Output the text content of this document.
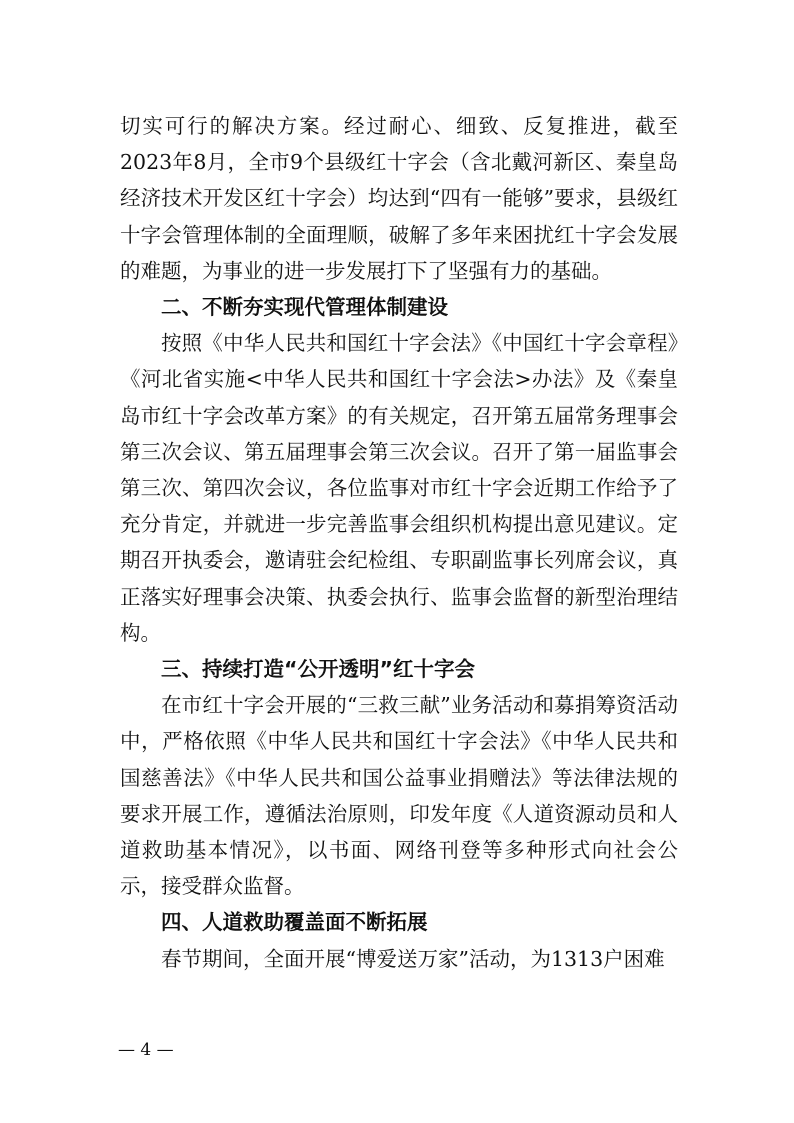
切实可行的解决方案。经过耐心、细致、反复推进，截至2023年8月，全市9个县级红十字会（含北戴河新区、秦皇岛经济技术开发区红十字会）均达到“四有一能够”要求，县级红十字会管理体制的全面理顺，破解了多年来困扰红十字会发展的难题，为事业的进一步发展打下了坚强有力的基础。

二、不断夯实现代管理体制建设

按照《中华人民共和国红十字会法》《中国红十字会章程》《河北省实施<中华人民共和国红十字会法>办法》及《秦皇岛市红十字会改革方案》的有关规定，召开第五届常务理事会第三次会议、第五届理事会第三次会议。召开了第一届监事会第三次、第四次会议，各位监事对市红十字会近期工作给予了充分肯定，并就进一步完善监事会组织机构提出意见建议。定期召开执委会，邀请驻会纪检组、专职副监事长列席会议，真正落实好理事会决策、执委会执行、监事会监督的新型治理结构。

三、持续打造“公开透明”红十字会

在市红十字会开展的“三救三献”业务活动和募捐筹资活动中，严格依照《中华人民共和国红十字会法》《中华人民共和国慈善法》《中华人民共和国公益事业捐赠法》等法律法规的要求开展工作，遵循法治原则，印发年度《人道资源动员和人道救助基本情况》，以书面、网络刊登等多种形式向社会公示，接受群众监督。

四、人道救助覆盖面不断拓展

春节期间，全面开展“博爱送万家”活动，为1313户困难

— 4 —
